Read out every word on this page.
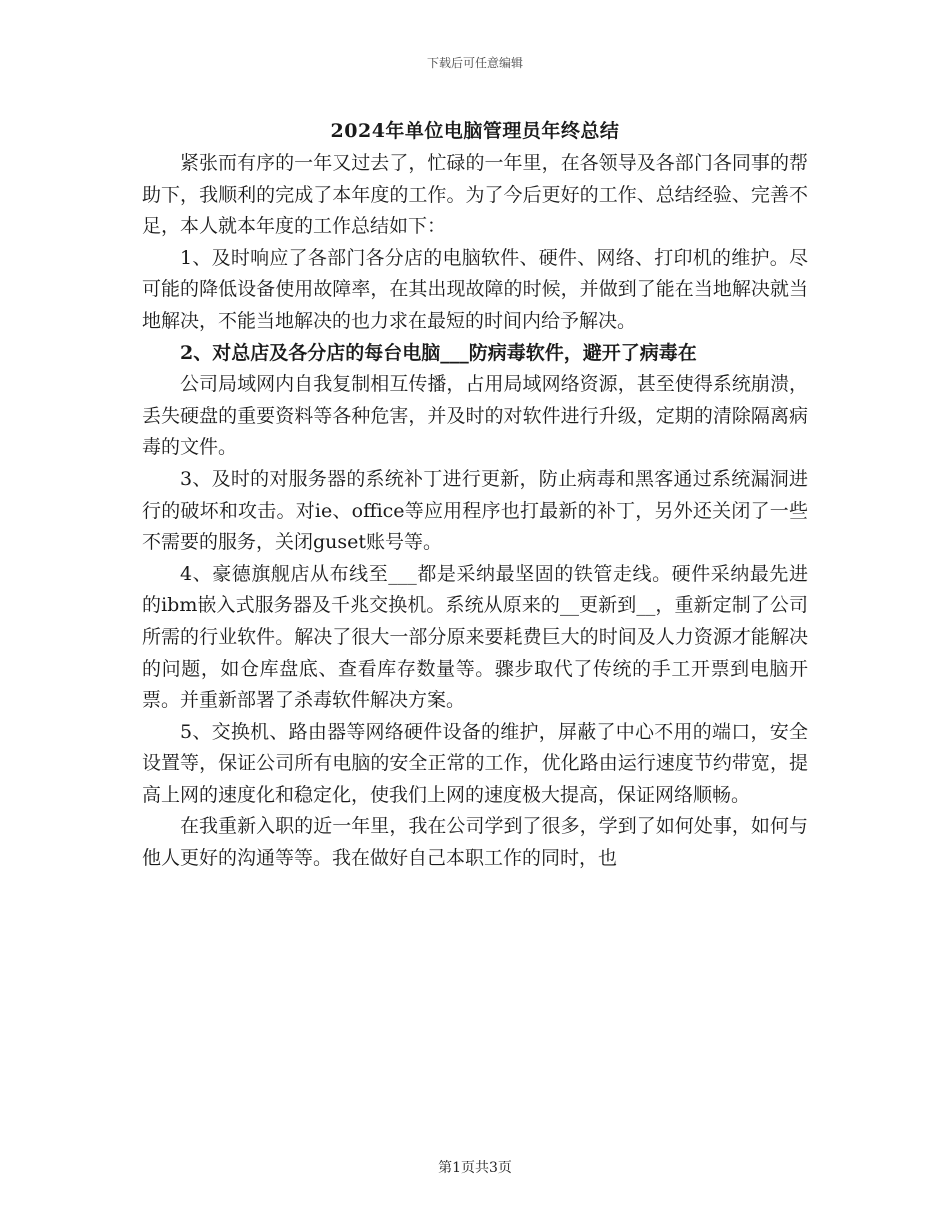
下载后可任意编辑
2024年单位电脑管理员年终总结

紧张而有序的一年又过去了，忙碌的一年里，在各领导及各部门各同事的帮助下，我顺利的完成了本年度的工作。为了今后更好的工作、总结经验、完善不足，本人就本年度的工作总结如下：

1、及时响应了各部门各分店的电脑软件、硬件、网络、打印机的维护。尽可能的降低设备使用故障率，在其出现故障的时候，并做到了能在当地解决就当地解决，不能当地解决的也力求在最短的时间内给予解决。

2、对总店及各分店的每台电脑___防病毒软件，避开了病毒在

公司局域网内自我复制相互传播，占用局域网络资源，甚至使得系统崩溃，丢失硬盘的重要资料等各种危害，并及时的对软件进行升级，定期的清除隔离病毒的文件。

3、及时的对服务器的系统补丁进行更新，防止病毒和黑客通过系统漏洞进行的破坏和攻击。对ie、office等应用程序也打最新的补丁，另外还关闭了一些不需要的服务，关闭guset账号等。

4、豪德旗舰店从布线至___都是采纳最坚固的铁管走线。硬件采纳最先进的ibm嵌入式服务器及千兆交换机。系统从原来的__更新到__，重新定制了公司所需的行业软件。解决了很大一部分原来要耗费巨大的时间及人力资源才能解决的问题，如仓库盘底、查看库存数量等。骤步取代了传统的手工开票到电脑开票。并重新部署了杀毒软件解决方案。

5、交换机、路由器等网络硬件设备的维护，屏蔽了中心不用的端口，安全设置等，保证公司所有电脑的安全正常的工作，优化路由运行速度节约带宽，提高上网的速度化和稳定化，使我们上网的速度极大提高，保证网络顺畅。

在我重新入职的近一年里，我在公司学到了很多，学到了如何处事，如何与他人更好的沟通等等。我在做好自己本职工作的同时，也

第1页共3页
